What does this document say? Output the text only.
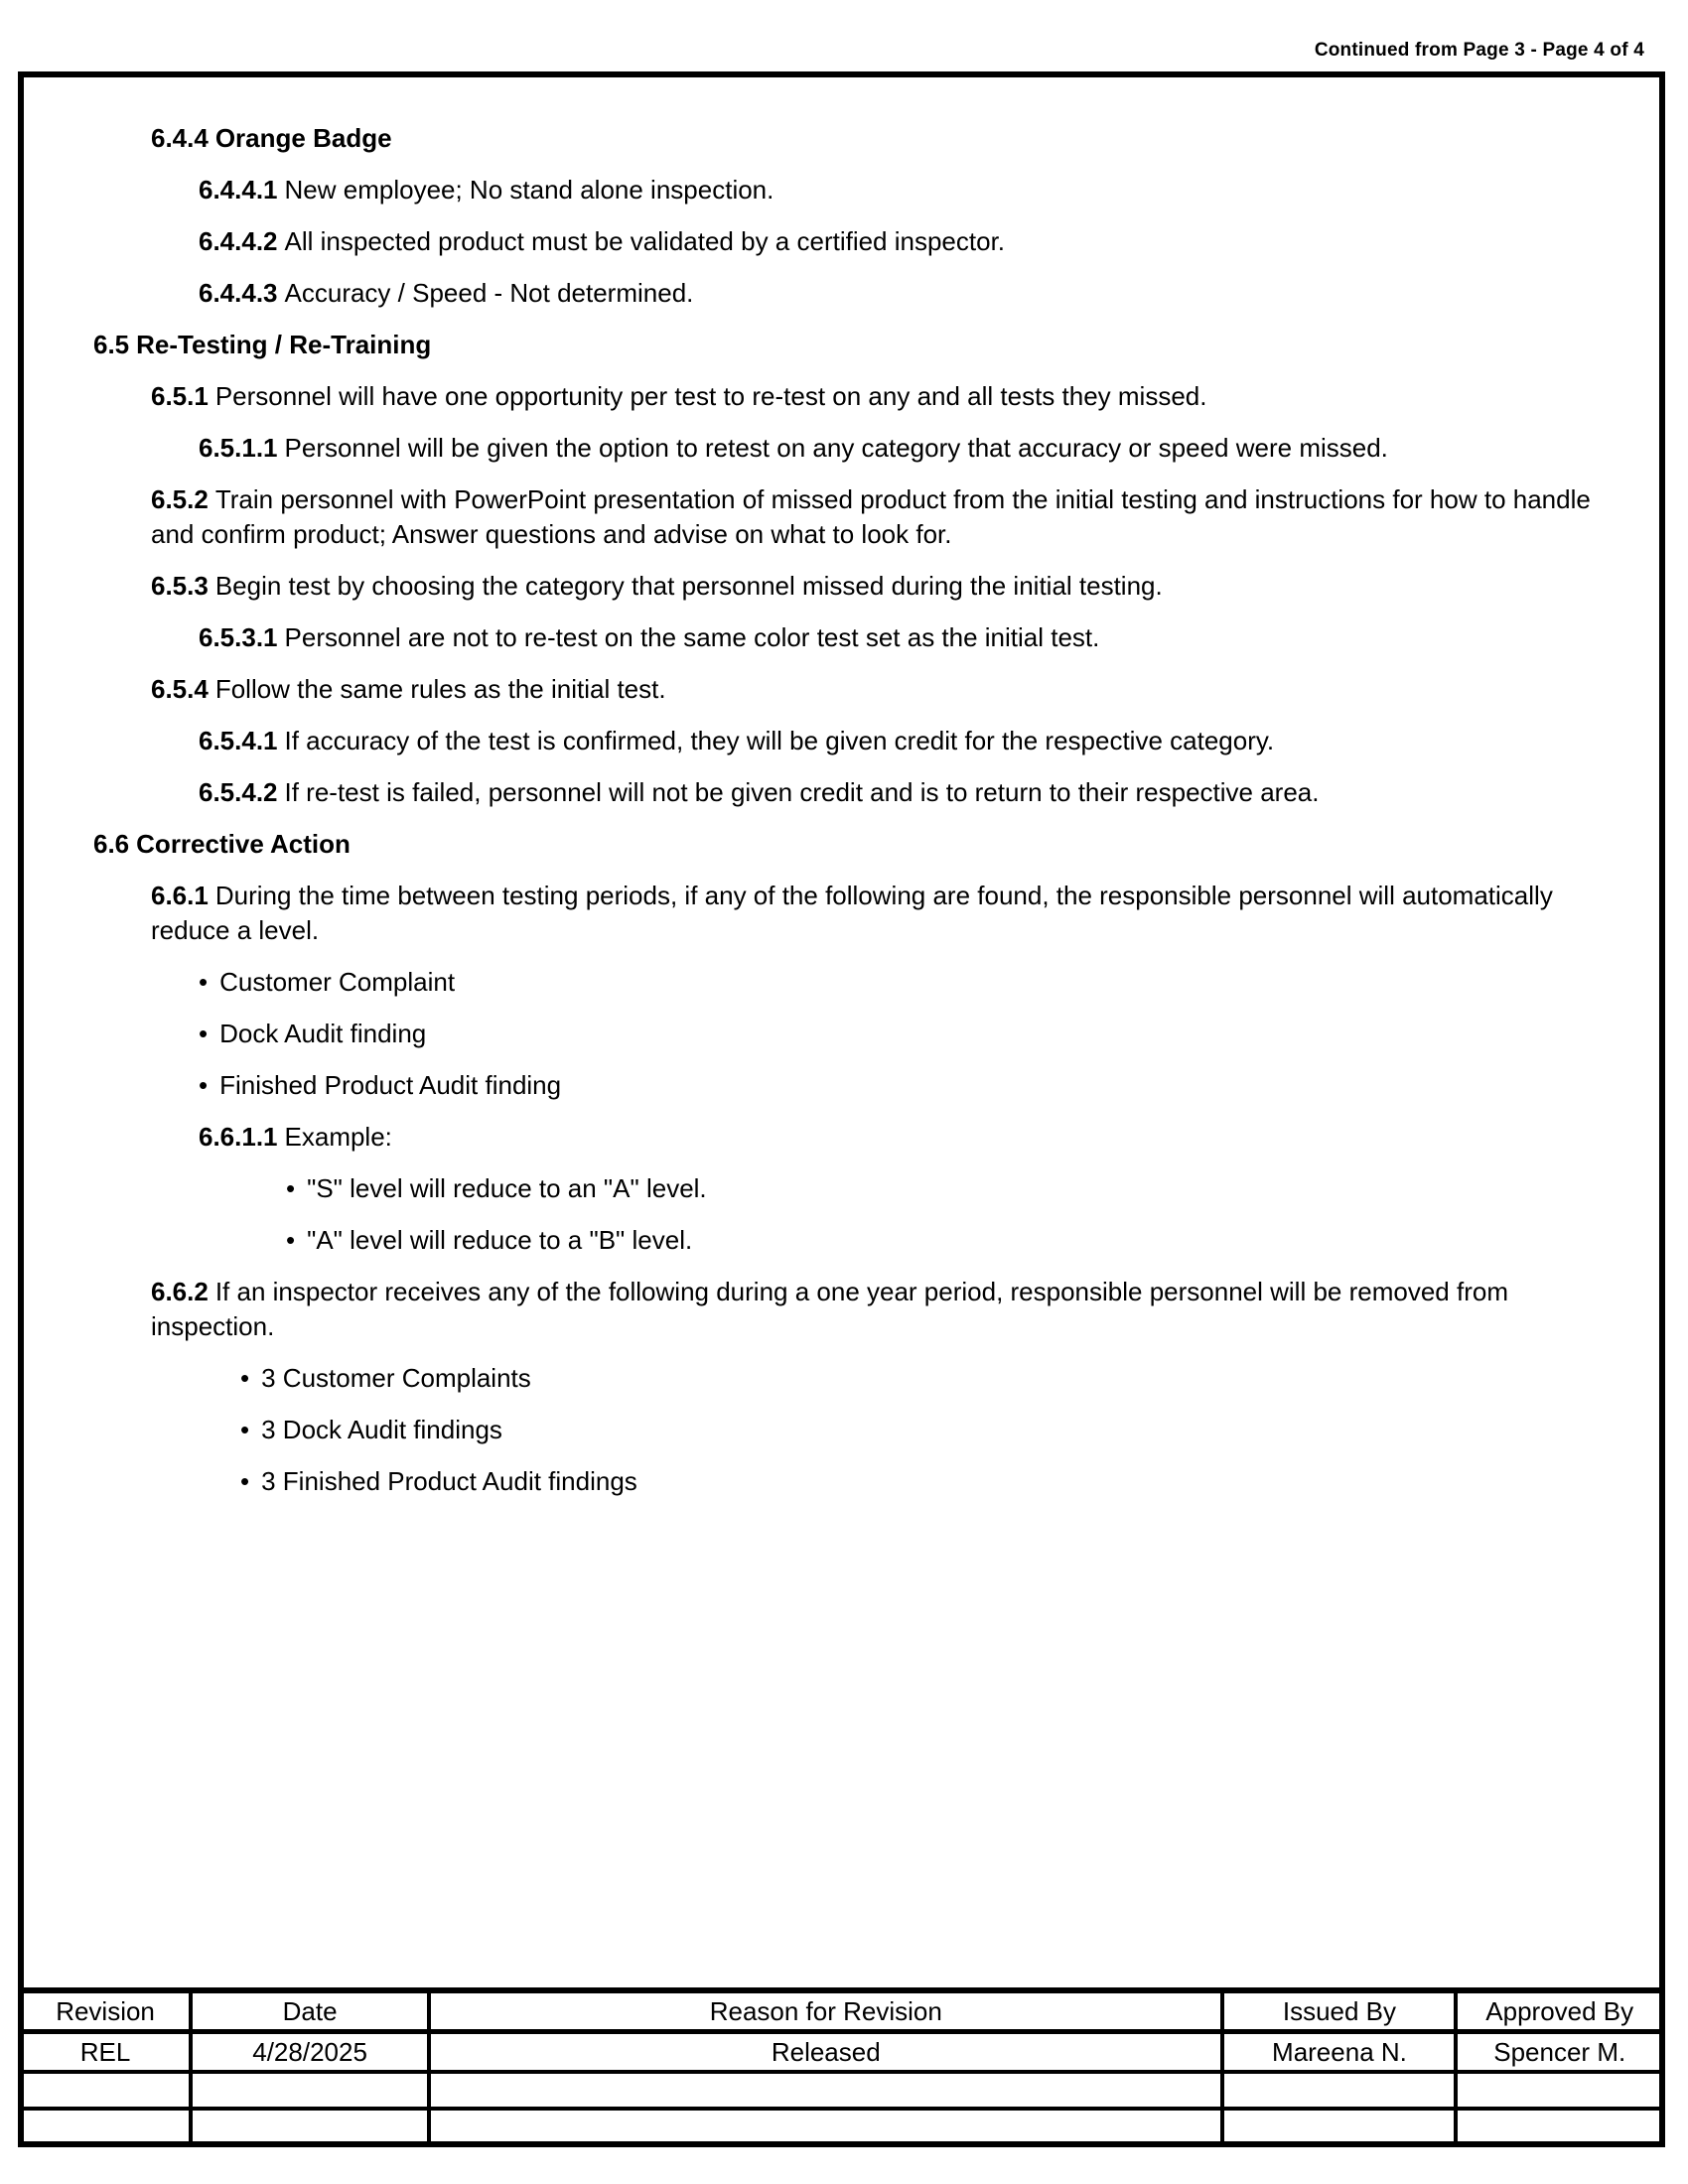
Continued from Page 3 - Page 4 of 4
6.4.4 Orange Badge
6.4.4.1 New employee; No stand alone inspection.
6.4.4.2 All inspected product must be validated by a certified inspector.
6.4.4.3 Accuracy / Speed - Not determined.
6.5 Re-Testing / Re-Training
6.5.1 Personnel will have one opportunity per test to re-test on any and all tests they missed.
6.5.1.1 Personnel will be given the option to retest on any category that accuracy or speed were missed.
6.5.2 Train personnel with PowerPoint presentation of missed product from the initial testing and instructions for how to handle and confirm product; Answer questions and advise on what to look for.
6.5.3 Begin test by choosing the category that personnel missed during the initial testing.
6.5.3.1 Personnel are not to re-test on the same color test set as the initial test.
6.5.4 Follow the same rules as the initial test.
6.5.4.1 If accuracy of the test is confirmed, they will be given credit for the respective category.
6.5.4.2 If re-test is failed, personnel will not be given credit and is to return to their respective area.
6.6 Corrective Action
6.6.1 During the time between testing periods, if any of the following are found, the responsible personnel will automatically reduce a level.
• Customer Complaint
• Dock Audit finding
• Finished Product Audit finding
6.6.1.1 Example:
• "S" level will reduce to an "A" level.
• "A" level will reduce to a "B" level.
6.6.2 If an inspector receives any of the following during a one year period, responsible personnel will be removed from inspection.
• 3 Customer Complaints
• 3 Dock Audit findings
• 3 Finished Product Audit findings
Revision	Date	Reason for Revision	Issued By	Approved By
REL	4/28/2025	Released	Mareena N.	Spencer M.
